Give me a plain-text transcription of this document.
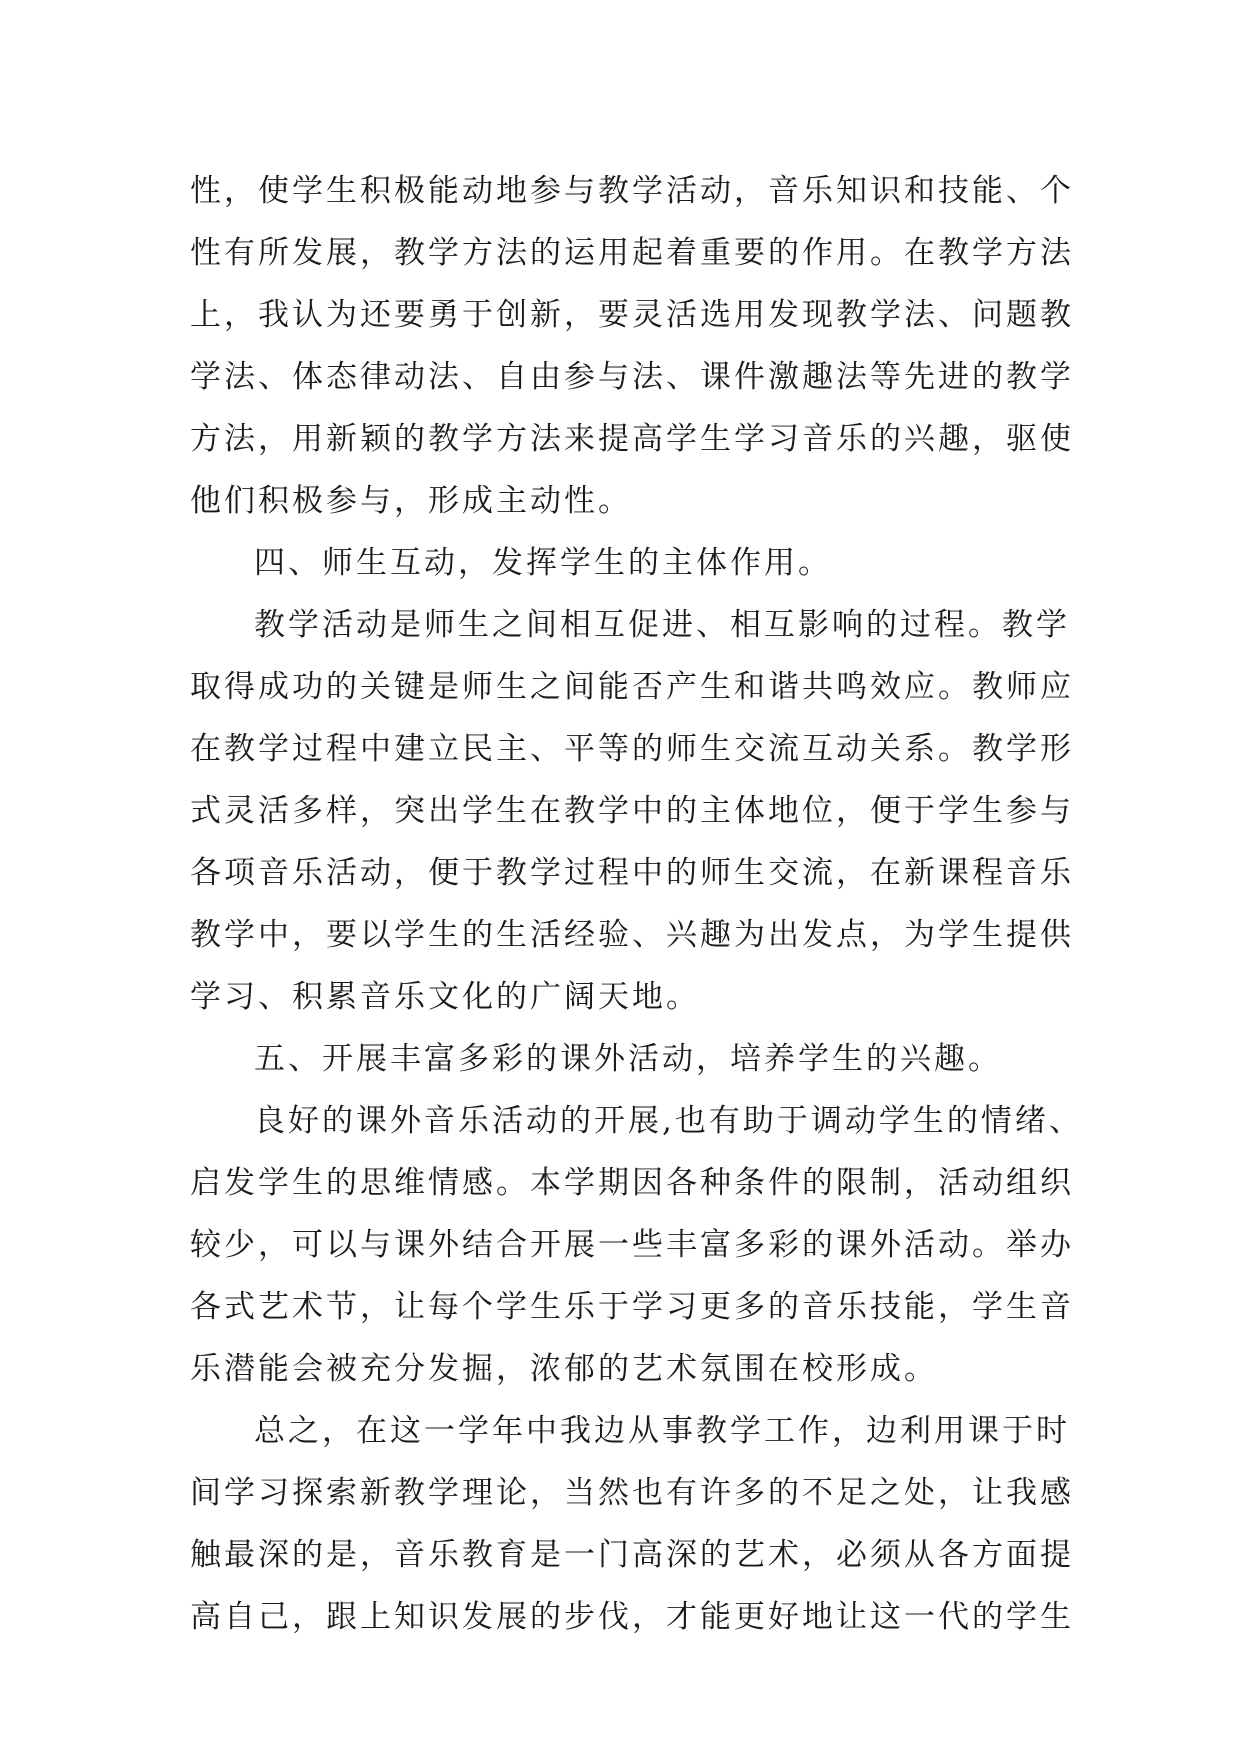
性，使学生积极能动地参与教学活动，音乐知识和技能、个
性有所发展，教学方法的运用起着重要的作用。在教学方法
上，我认为还要勇于创新，要灵活选用发现教学法、问题教
学法、体态律动法、自由参与法、课件激趣法等先进的教学
方法，用新颖的教学方法来提高学生学习音乐的兴趣，驱使
他们积极参与，形成主动性。
四、师生互动，发挥学生的主体作用。
教学活动是师生之间相互促进、相互影响的过程。教学
取得成功的关键是师生之间能否产生和谐共鸣效应。教师应
在教学过程中建立民主、平等的师生交流互动关系。教学形
式灵活多样，突出学生在教学中的主体地位，便于学生参与
各项音乐活动，便于教学过程中的师生交流，在新课程音乐
教学中，要以学生的生活经验、兴趣为出发点，为学生提供
学习、积累音乐文化的广阔天地。
五、开展丰富多彩的课外活动，培养学生的兴趣。
良好的课外音乐活动的开展,也有助于调动学生的情绪、
启发学生的思维情感。本学期因各种条件的限制，活动组织
较少，可以与课外结合开展一些丰富多彩的课外活动。举办
各式艺术节，让每个学生乐于学习更多的音乐技能，学生音
乐潜能会被充分发掘，浓郁的艺术氛围在校形成。
总之，在这一学年中我边从事教学工作，边利用课于时
间学习探索新教学理论，当然也有许多的不足之处，让我感
触最深的是，音乐教育是一门高深的艺术，必须从各方面提
高自己，跟上知识发展的步伐，才能更好地让这一代的学生
